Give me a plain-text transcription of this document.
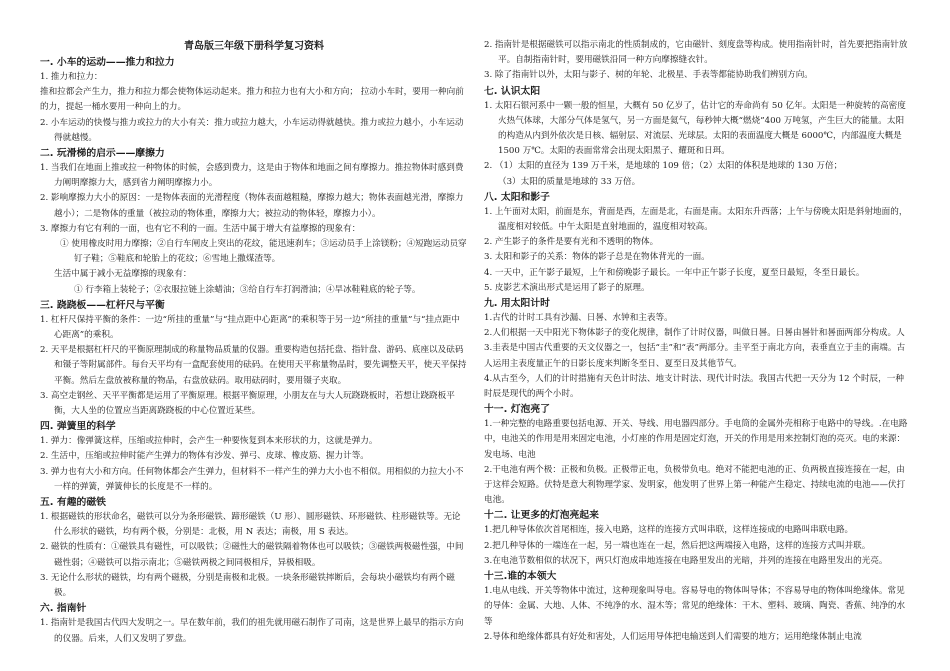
青岛版三年级下册科学复习资料
一. 小车的运动——推力和拉力
1. 推力和拉力：
推和拉都会产生力，推力和拉力都会使物体运动起来。推力和拉力也有大小和方向； 拉动小车时，要用一种向前的力，提起一桶水要用一种向上的力。
2. 小车运动的快慢与推力或拉力的大小有关：推力或拉力越大，小车运动得就越快。推力或拉力越小，小车运动得就越慢。
二. 玩滑梯的启示——摩擦力
1. 当我们在地面上推或拉一种物体的时候，会感到费力，这是由于物体和地面之间有摩擦力。推拉物体时感到费力阐明摩擦力大，感到省力阐明摩擦力小。
2. 影响摩擦力大小的原因：一是物体表面的光滑程度（物体表面越粗糙，摩擦力越大；物体表面越光滑，摩擦力越小）；二是物体的重量（被拉动的物体重，摩擦力大；被拉动的物体轻，摩擦力小）。
3. 摩擦力有它有利的一面，也有它不利的一面。生活中属于增大有益摩擦的现象有：
① 使用橡皮时用力摩擦；②自行车闸皮上突出的花纹，能迅速刹车；③运动员手上涂镁粉；④短跑运动员穿钉子鞋；⑤鞋底和轮胎上的花纹；⑥雪地上撒煤渣等。
生活中属于减小无益摩擦的现象有：
① 行李箱上装轮子；②衣服拉链上涂蜡油；③给自行车打润滑油；④旱冰鞋鞋底的轮子等。
三. 跷跷板——杠杆尺与平衡
1. 杠杆尺保持平衡的条件：一边“所挂的重量”与“挂点距中心距离”的乘积等于另一边“所挂的重量”与“挂点距中心距离”的乘积。
2. 天平是根据杠杆尺的平衡原理制成的称量物品质量的仪器。重要构造包括托盘、指针盘、游码、底座以及砝码和镊子等附属部件。每台天平均有一盒配套使用的砝码。在使用天平称量物品时，要先调整天平，使天平保持平衡。然后左盘放被称量的物品，右盘放砝码。取用砝码时，要用镊子夹取。
3. 高空走钢丝、天平平衡都是运用了平衡原理。根据平衡原理，小朋友在与大人玩跷跷板时，若想让跷跷板平衡，大人坐的位置应当距离跷跷板的中心位置近某些。
四. 弹簧里的科学
1. 弹力：像弹簧这样，压缩或拉伸时，会产生一种要恢复到本来形状的力，这就是弹力。
2. 生活中，压缩或拉伸时能产生弹力的物体有沙发、弹弓、皮球、橡皮筋、握力计等。
3. 弹力也有大小和方向。任何物体都会产生弹力，但材料不一样产生的弹力大小也不相似。用相似的力拉大小不一样的弹簧，弹簧伸长的长度是不一样的。
五. 有趣的磁铁
1. 根据磁铁的形状命名，磁铁可以分为条形磁铁、蹄形磁铁（U 形）、圆形磁铁、环形磁铁、柱形磁铁等。无论什么形状的磁铁，均有两个极，分别是：北极，用 N 表达；南极，用 S 表达。
2. 磁铁的性质有：①磁铁具有磁性，可以吸铁；②磁性大的磁铁隔着物体也可以吸铁；③磁铁两极磁性强，中间磁性弱；④磁铁可以指示南北；⑤磁铁两极之间同极相斥，异极相吸。
3. 无论什么形状的磁铁，均有两个磁极，分别是南极和北极。一块条形磁铁摔断后，会每块小磁铁均有两个磁极。
六. 指南针
1. 指南针是我国古代四大发明之一。早在数年前，我们的祖先就用磁石制作了司南，这是世界上最早的指示方向的仪器。后来，人们又发明了罗盘。
2. 指南针是根据磁铁可以指示南北的性质制成的，它由磁针、刻度盘等构成。使用指南针时，首先要把指南针放平。自制指南针时，要用磁铁沿同一种方向摩擦缝衣针。
3. 除了指南针以外，太阳与影子、树的年轮、北极星、手表等都能协助我们辨别方向。
七. 认识太阳
1. 太阳石银河系中一颗一般的恒星，大概有 50 亿岁了，估计它的寿命尚有 50 亿年。太阳是一种旋转的高密度火热气体球，大部分气体是氢气，另一方面是氦气，每秒钟大概“燃烧”400 万吨氢，产生巨大的能量。太阳的构造从内到外依次是日核、辐射层、对流层、光球层。太阳的表面温度大概是 6000℃，内部温度大概是 1500 万℃。太阳的表面常常会出现太阳黑子、耀斑和日珥。
2. （1）太阳的直径为 139 万千米，是地球的 109 倍；（2）太阳的体积是地球的 130 万倍；
（3）太阳的质量是地球的 33 万倍。
八. 太阳和影子
1. 上午面对太阳，前面是东，背面是西，左面是北，右面是南。太阳东升西落；上午与傍晚太阳是斜射地面的，温度相对较低。中午太阳是直射地面的，温度相对较高。
2. 产生影子的条件是要有光和不透明的物体。
3. 太阳和影子的关系：物体的影子总是在物体背光的一面。
4. 一天中，正午影子最短，上午和傍晚影子最长。一年中正午影子长度，夏至日最短，冬至日最长。
5. 皮影艺术演出形式是运用了影子的原理。
九. 用太阳计时
1.古代的计时工具有沙漏、日晷、水钟和主表等。
2.人们根据一天中阳光下物体影子的变化规律，制作了计时仪器，叫做日晷。日晷由晷针和晷面两部分构成。人
3.圭表是中国古代重要的天文仪器之一，包括“圭”和“表”两部分。圭平至于南北方向，表垂直立于圭的南端。古人运用主表度量正午的日影长度来判断冬至日、夏至日及其他节气。
4.从古至今，人们的计时措施有天色计时法、地支计时法、现代计时法。我国古代把一天分为 12 个时辰，一种时辰是现代的两个小时。
十一. 灯泡亮了
1.一种完整的电路重要包括电源、开关、导线、用电器四部分。手电筒的金属外壳相称于电路中的导线。.在电路中，电池关的作用是用来固定电池，小灯座的作用是固定灯泡，开关的作用是用来控制灯泡的亮灭。电的来源：发电场、电池
2.干电池有两个极：正极和负极。正极带正电，负极带负电。绝对不能把电池的正、负两极直接连接在一起，由于这样会短路。伏特是意大利物理学家、发明家，他发明了世界上第一种能产生稳定、持续电流的电池——伏打电池。
十二. 让更多的灯泡亮起来
1.把几种导体依次首尾相连，接入电路，这样的连接方式叫串联，这样连接成的电路叫串联电路。
2.把几种导体的一端连在一起，另一端也连在一起，然后把这两端接入电路，这样的连接方式叫并联。
3.在电池节数相似的状况下，两只灯泡成串地连接在电路里发出的光暗，并列的连接在电路里发出的光亮。
十三.谁的本领大
1.电从电线、开关等物体中流过，这种现象叫导电。容易导电的物体叫导体；不容易导电的物体叫绝缘体。常见的导体：金属、大地、人体、不纯净的水、湿木等；常见的绝缘体：干木、塑料、玻璃、陶瓷、香蕉、纯净的水等
2.导体和绝缘体都具有好处和害处，人们运用导体把电输送到人们需要的地方；运用绝缘体制止电流
